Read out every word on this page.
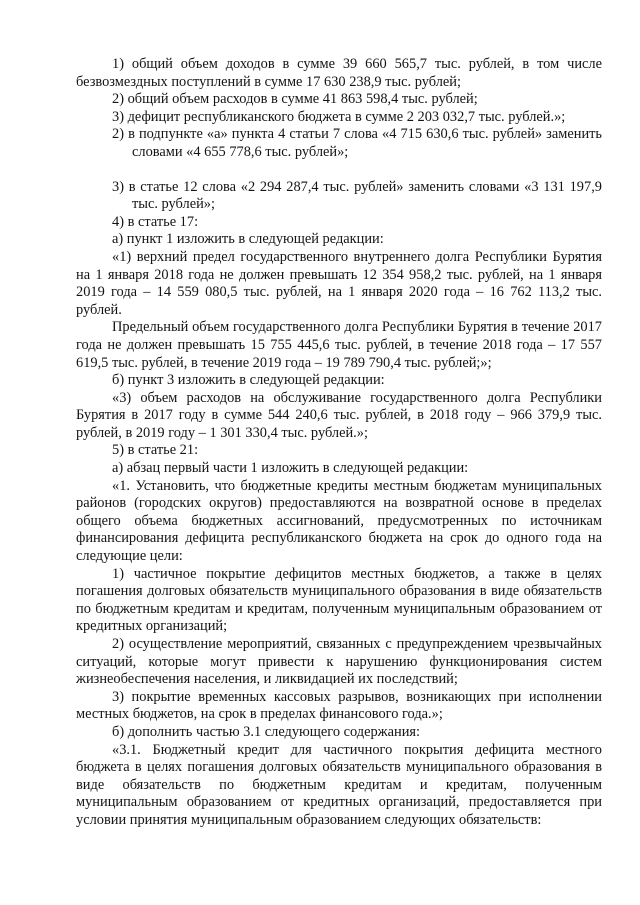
1) общий объем доходов в сумме 39 660 565,7 тыс. рублей, в том числе безвозмездных поступлений в сумме 17 630 238,9 тыс. рублей;

2) общий объем расходов в сумме 41 863 598,4 тыс. рублей;

3) дефицит республиканского бюджета в сумме 2 203 032,7 тыс. рублей.»;

2) в подпункте «а» пункта 4 статьи 7 слова «4 715 630,6 тыс. рублей» заменить словами «4 655 778,6 тыс. рублей»;

3) в статье 12 слова «2 294 287,4 тыс. рублей» заменить словами «3 131 197,9 тыс. рублей»;

4) в статье 17:

а) пункт 1 изложить в следующей редакции:

«1) верхний предел государственного внутреннего долга Республики Бурятия на 1 января 2018 года не должен превышать 12 354 958,2 тыс. рублей, на 1 января 2019 года – 14 559 080,5 тыс. рублей, на 1 января 2020 года – 16 762 113,2 тыс. рублей.

Предельный объем государственного долга Республики Бурятия в течение 2017 года не должен превышать 15 755 445,6 тыс. рублей, в течение 2018 года – 17 557 619,5 тыс. рублей, в течение 2019 года – 19 789 790,4 тыс. рублей;»;

б) пункт 3 изложить в следующей редакции:

«3) объем расходов на обслуживание государственного долга Республики Бурятия в 2017 году в сумме 544 240,6 тыс. рублей, в 2018 году – 966 379,9 тыс. рублей, в 2019 году – 1 301 330,4 тыс. рублей.»;

5) в статье 21:

а) абзац первый части 1 изложить в следующей редакции:

«1. Установить, что бюджетные кредиты местным бюджетам муниципальных районов (городских округов) предоставляются на возвратной основе в пределах общего объема бюджетных ассигнований, предусмотренных по источникам финансирования дефицита республиканского бюджета на срок до одного года на следующие цели:

1) частичное покрытие дефицитов местных бюджетов, а также в целях погашения долговых обязательств муниципального образования в виде обязательств по бюджетным кредитам и кредитам, полученным муниципальным образованием от кредитных организаций;

2) осуществление мероприятий, связанных с предупреждением чрезвычайных ситуаций, которые могут привести к нарушению функционирования систем жизнеобеспечения населения, и ликвидацией их последствий;

3) покрытие временных кассовых разрывов, возникающих при исполнении местных бюджетов, на срок в пределах финансового года.»;

б) дополнить частью 3.1 следующего содержания:

«3.1. Бюджетный кредит для частичного покрытия дефицита местного бюджета в целях погашения долговых обязательств муниципального образования в виде обязательств по бюджетным кредитам и кредитам, полученным муниципальным образованием от кредитных организаций, предоставляется при условии принятия муниципальным образованием следующих обязательств:
